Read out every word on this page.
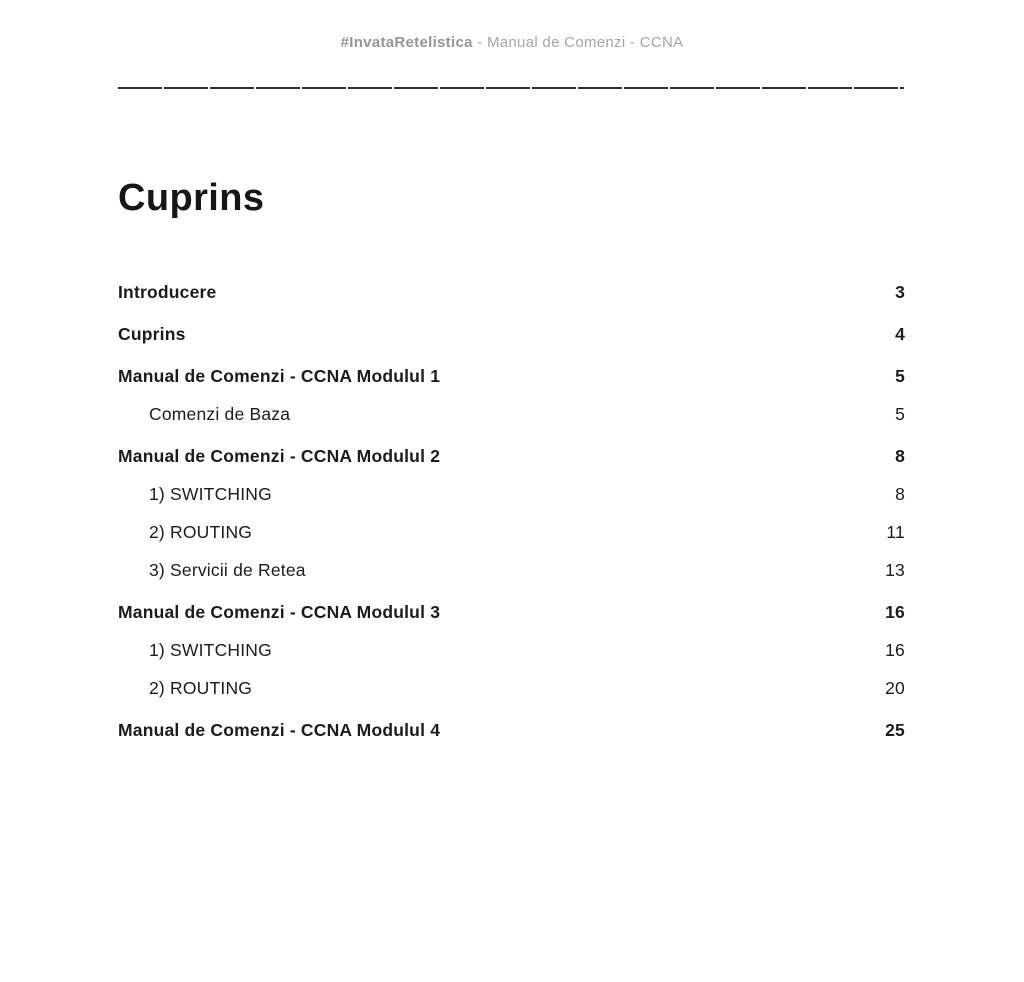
#InvataRetelistica - Manual de Comenzi - CCNA
Cuprins
Introducere	3
Cuprins	4
Manual de Comenzi - CCNA Modulul 1	5
Comenzi de Baza	5
Manual de Comenzi - CCNA Modulul 2	8
1) SWITCHING	8
2) ROUTING	11
3) Servicii de Retea	13
Manual de Comenzi - CCNA Modulul 3	16
1) SWITCHING	16
2) ROUTING	20
Manual de Comenzi - CCNA Modulul 4	25
